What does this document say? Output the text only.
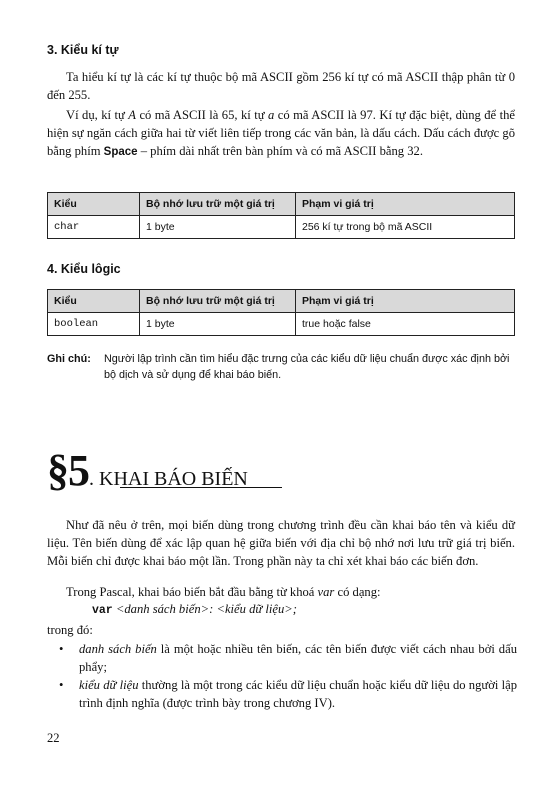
3. Kiểu kí tự

Ta hiểu kí tự là các kí tự thuộc bộ mã ASCII gồm 256 kí tự có mã ASCII thập phân từ 0 đến 255.

Ví dụ, kí tự A có mã ASCII là 65, kí tự a có mã ASCII là 97. Kí tự đặc biệt, dùng để thể hiện sự ngăn cách giữa hai từ viết liên tiếp trong các văn bản, là dấu cách. Dấu cách được gõ bằng phím Space – phím dài nhất trên bàn phím và có mã ASCII bằng 32.

Kiểu	Bộ nhớ lưu trữ một giá trị	Phạm vi giá trị
char	1 byte	256 kí tự trong bộ mã ASCII
4. Kiểu lôgic
Kiểu	Bộ nhớ lưu trữ một giá trị	Phạm vi giá trị
boolean	1 byte	true hoặc false
Ghi chú: Người lập trình cần tìm hiểu đặc trưng của các kiểu dữ liệu chuẩn được xác định bởi bộ dịch và sử dụng để khai báo biến.
§5. KHAI BÁO BIẾN

Như đã nêu ở trên, mọi biến dùng trong chương trình đều cần khai báo tên và kiểu dữ liệu. Tên biến dùng để xác lập quan hệ giữa biến với địa chỉ bộ nhớ nơi lưu trữ giá trị biến. Mỗi biến chỉ được khai báo một lần. Trong phần này ta chỉ xét khai báo các biến đơn.

Trong Pascal, khai báo biến bắt đầu bằng từ khoá var có dạng:

var <danh sách biến>: <kiểu dữ liệu>;

trong đó:

• danh sách biến là một hoặc nhiều tên biến, các tên biến được viết cách nhau bởi dấu phẩy;
• kiểu dữ liệu thường là một trong các kiểu dữ liệu chuẩn hoặc kiểu dữ liệu do người lập trình định nghĩa (được trình bày trong chương IV).
22
